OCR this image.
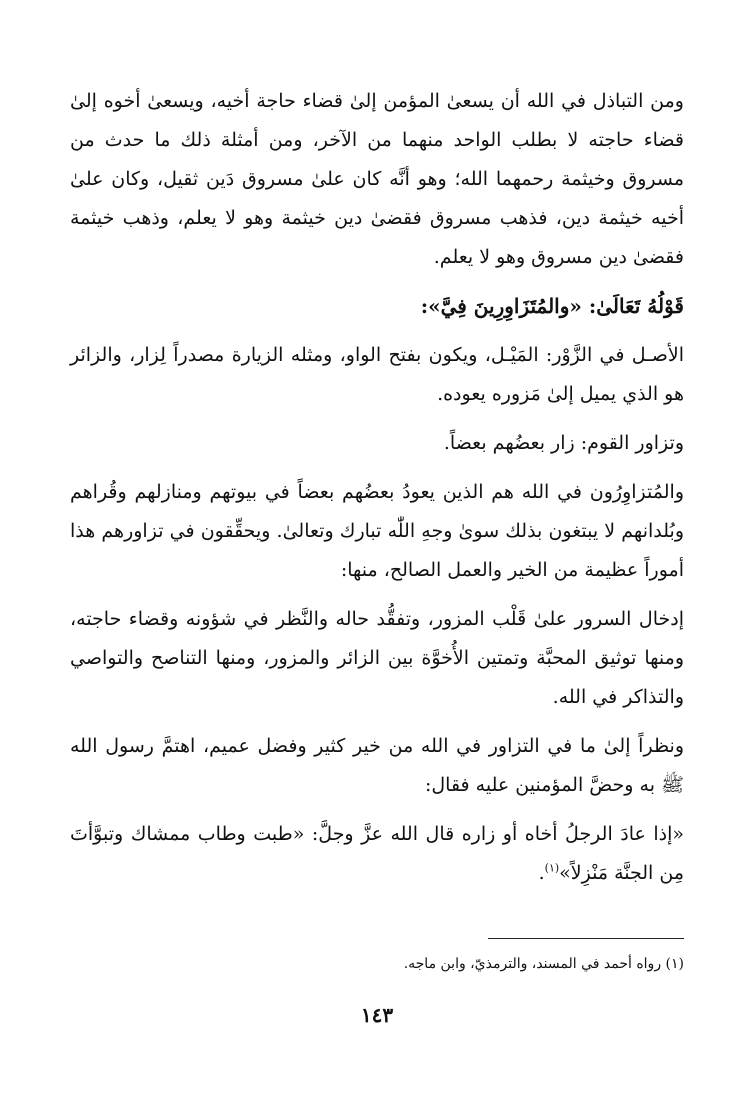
ومن التباذل في الله أن يسعىٰ المؤمن إلىٰ قضاء حاجة أخيه، ويسعىٰ أخوه إلىٰ قضاء حاجته لا بطلب الواحد منهما من الآخر، ومن أمثلة ذلك ما حدث من مسروق وخيثمة رحمهما الله؛ وهو أنَّه كان علىٰ مسروق دَين ثقيل، وكان علىٰ أخيه خيثمة دين، فذهب مسروق فقضىٰ دين خيثمة وهو لا يعلم، وذهب خيثمة فقضىٰ دين مسروق وهو لا يعلم.

قَوْلُهُ تَعَالَىٰ: «والمُتَزَاوِرِينَ فِيَّ»:

الأصـل في الزَّوْر: المَيْـل، ويكون بفتح الواو، ومثله الزيارة مصدراً لِزار، والزائر هو الذي يميل إلىٰ مَزوره يعوده.

وتزاور القوم: زار بعضُهم بعضاً.

والمُتزاوِرُون في الله هم الذين يعودُ بعضُهم بعضاً في بيوتهم ومنازلهم وقُراهم وبُلدانهم لا يبتغون بذلك سوىٰ وجهِ اللّٰه تبارك وتعالىٰ. ويحقِّقون في تزاورهم هذا أموراً عظيمة من الخير والعمل الصالح، منها:

إدخال السرور علىٰ قَلْب المزور، وتفقُّد حاله والنَّظر في شؤونه وقضاء حاجته، ومنها توثيق المحبَّة وتمتين الأُخوَّة بين الزائر والمزور، ومنها التناصح والتواصي والتذاكر في الله.

ونظراً إلىٰ ما في التزاور في الله من خير كثير وفضل عميم، اهتمَّ رسول الله ﷺ به وحضَّ المؤمنين عليه فقال:

«إذا عادَ الرجلُ أخاه أو زاره قال الله عزَّ وجلَّ: «طبت وطاب ممشاك وتبوَّأتَ مِن الجنَّة مَنْزِلاً»$^{(١)}$.

(١) رواه أحمد في المسند، والترمذيّ، وابن ماجه.

١٤٣
